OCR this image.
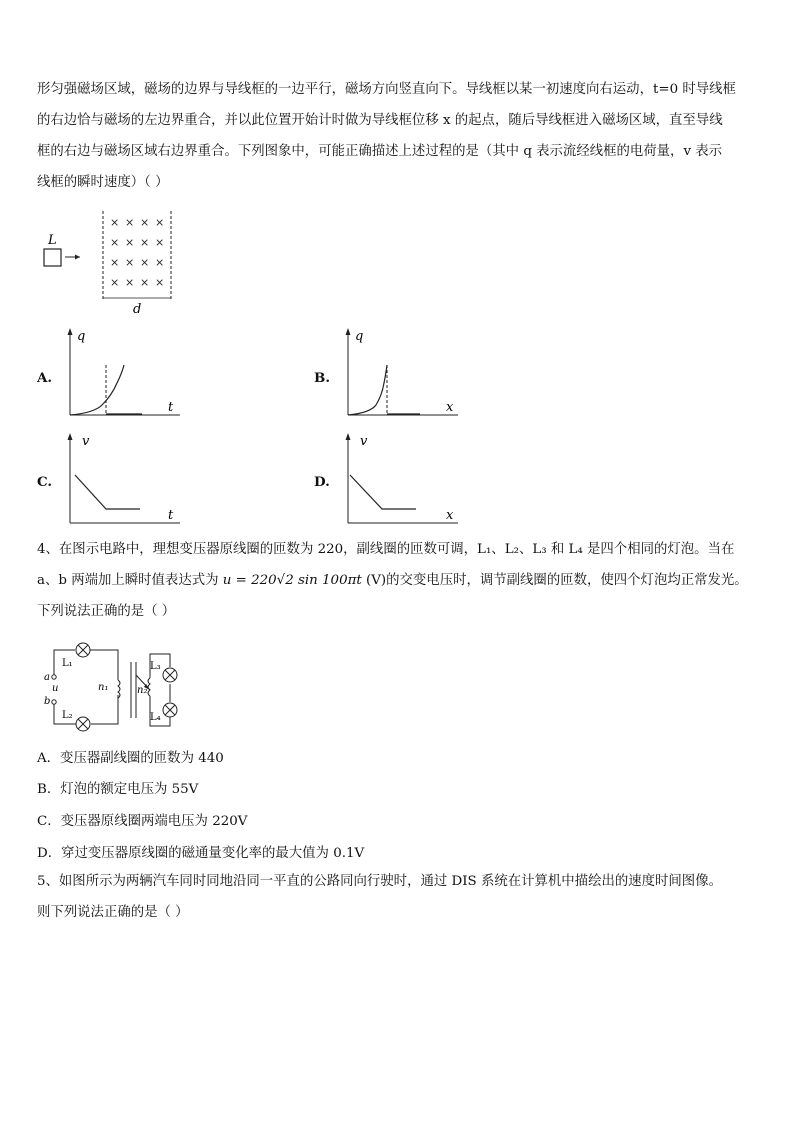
形匀强磁场区域，磁场的边界与导线框的一边平行，磁场方向竖直向下。导线框以某一初速度向右运动，t=0 时导线框
的右边恰与磁场的左边界重合，并以此位置开始计时做为导线框位移 x 的起点，随后导线框进入磁场区域，直至导线
框的右边与磁场区域右边界重合。下列图象中，可能正确描述上述过程的是（其中 q 表示流经线框的电荷量，v 表示
线框的瞬时速度）（ ）
L
× × × ×
× × × ×
× × × ×
× × × ×
d
A.
q
t
B.
q
x
C.
v
t
D.
v
x
4、在图示电路中，理想变压器原线圈的匝数为 220，副线圈的匝数可调，L₁、L₂、L₃ 和 L₄ 是四个相同的灯泡。当在
a、b 两端加上瞬时值表达式为 u = 220√2 sin 100πt (V)的交变电压时，调节副线圈的匝数，使四个灯泡均正常发光。
下列说法正确的是（ ）
L₁
L₂
L₃
L₄
a
b
u	n₁	n₂
A．变压器副线圈的匝数为 440
B．灯泡的额定电压为 55V
C．变压器原线圈两端电压为 220V
D．穿过变压器原线圈的磁通量变化率的最大值为 0.1V
5、如图所示为两辆汽车同时同地沿同一平直的公路同向行驶时，通过 DIS 系统在计算机中描绘出的速度时间图像。
则下列说法正确的是（ ）
